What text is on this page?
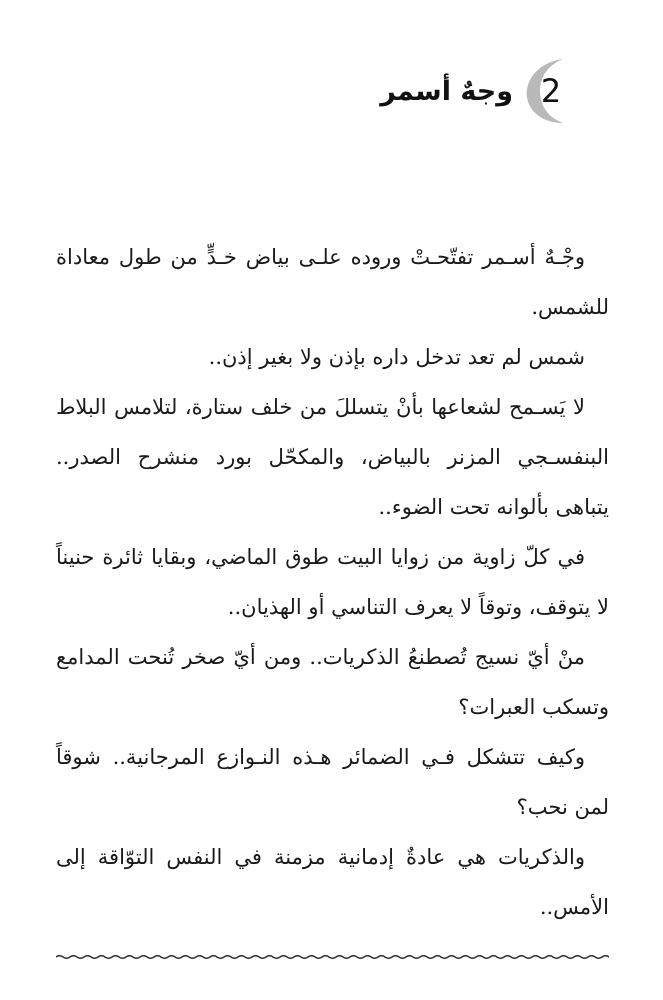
2
وجهٌ أسمر

وجْـهٌ أسـمر تفتّحـتْ وروده علـى بياض خـدٍّ من طول معاداة للشمس.

شمس لم تعد تدخل داره بإذن ولا بغير إذن..

لا يَسـمح لشعاعها بأنْ يتسللَ من خلف ستارة، لتلامس البلاط البنفسـجي المزنر بالبياض، والمكحّل بورد منشرح الصدر.. يتباهى بألوانه تحت الضوء..

في كلّ زاوية من زوايا البيت طوق الماضي، وبقايا ثائرة حنيناً لا يتوقف، وتوقاً لا يعرف التناسي أو الهذيان..

منْ أيّ نسيج تُصطنعُ الذكريات.. ومن أيّ صخر تُنحت المدامع وتسكب العبرات؟

وكيف تتشكل فـي الضمائر هـذه النـوازع المرجانية.. شوقاً لمن نحب؟

والذكريات هي عادةٌ إدمانية مزمنة في النفس التوّاقة إلى الأمس..
